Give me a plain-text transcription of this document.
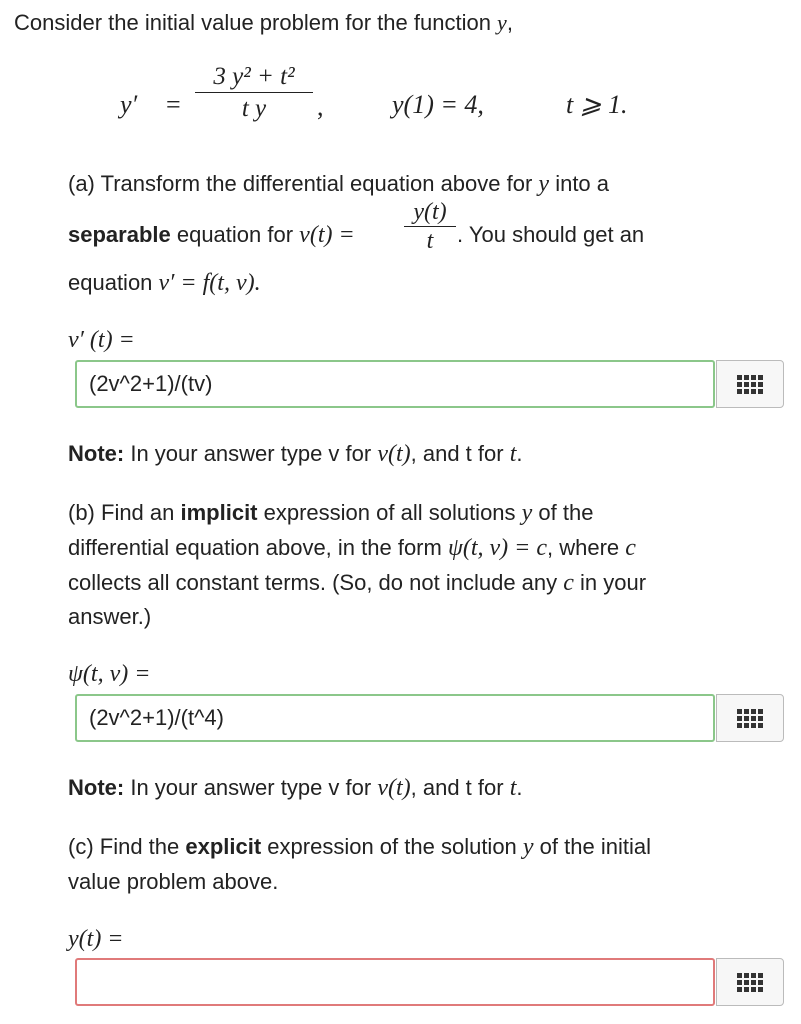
Consider the initial value problem for the function y,
y′ =
3 y² + t²
t y ,	y(1) = 4,	t ⩾ 1.
(a) Transform the differential equation above for y into a
separable equation for v(t) =
y(t)
t . You should get an
equation v′ = f(t, v).
v′ (t) =
(2v^2+1)/(tv)
Note: In your answer type v for v(t), and t for t.
(b) Find an implicit expression of all solutions y of the
differential equation above, in the form ψ(t, v) = c, where c
collects all constant terms. (So, do not include any c in your
answer.)
ψ(t, v) =
(2v^2+1)/(t^4)
Note: In your answer type v for v(t), and t for t.
(c) Find the explicit expression of the solution y of the initial
value problem above.
y(t) =
